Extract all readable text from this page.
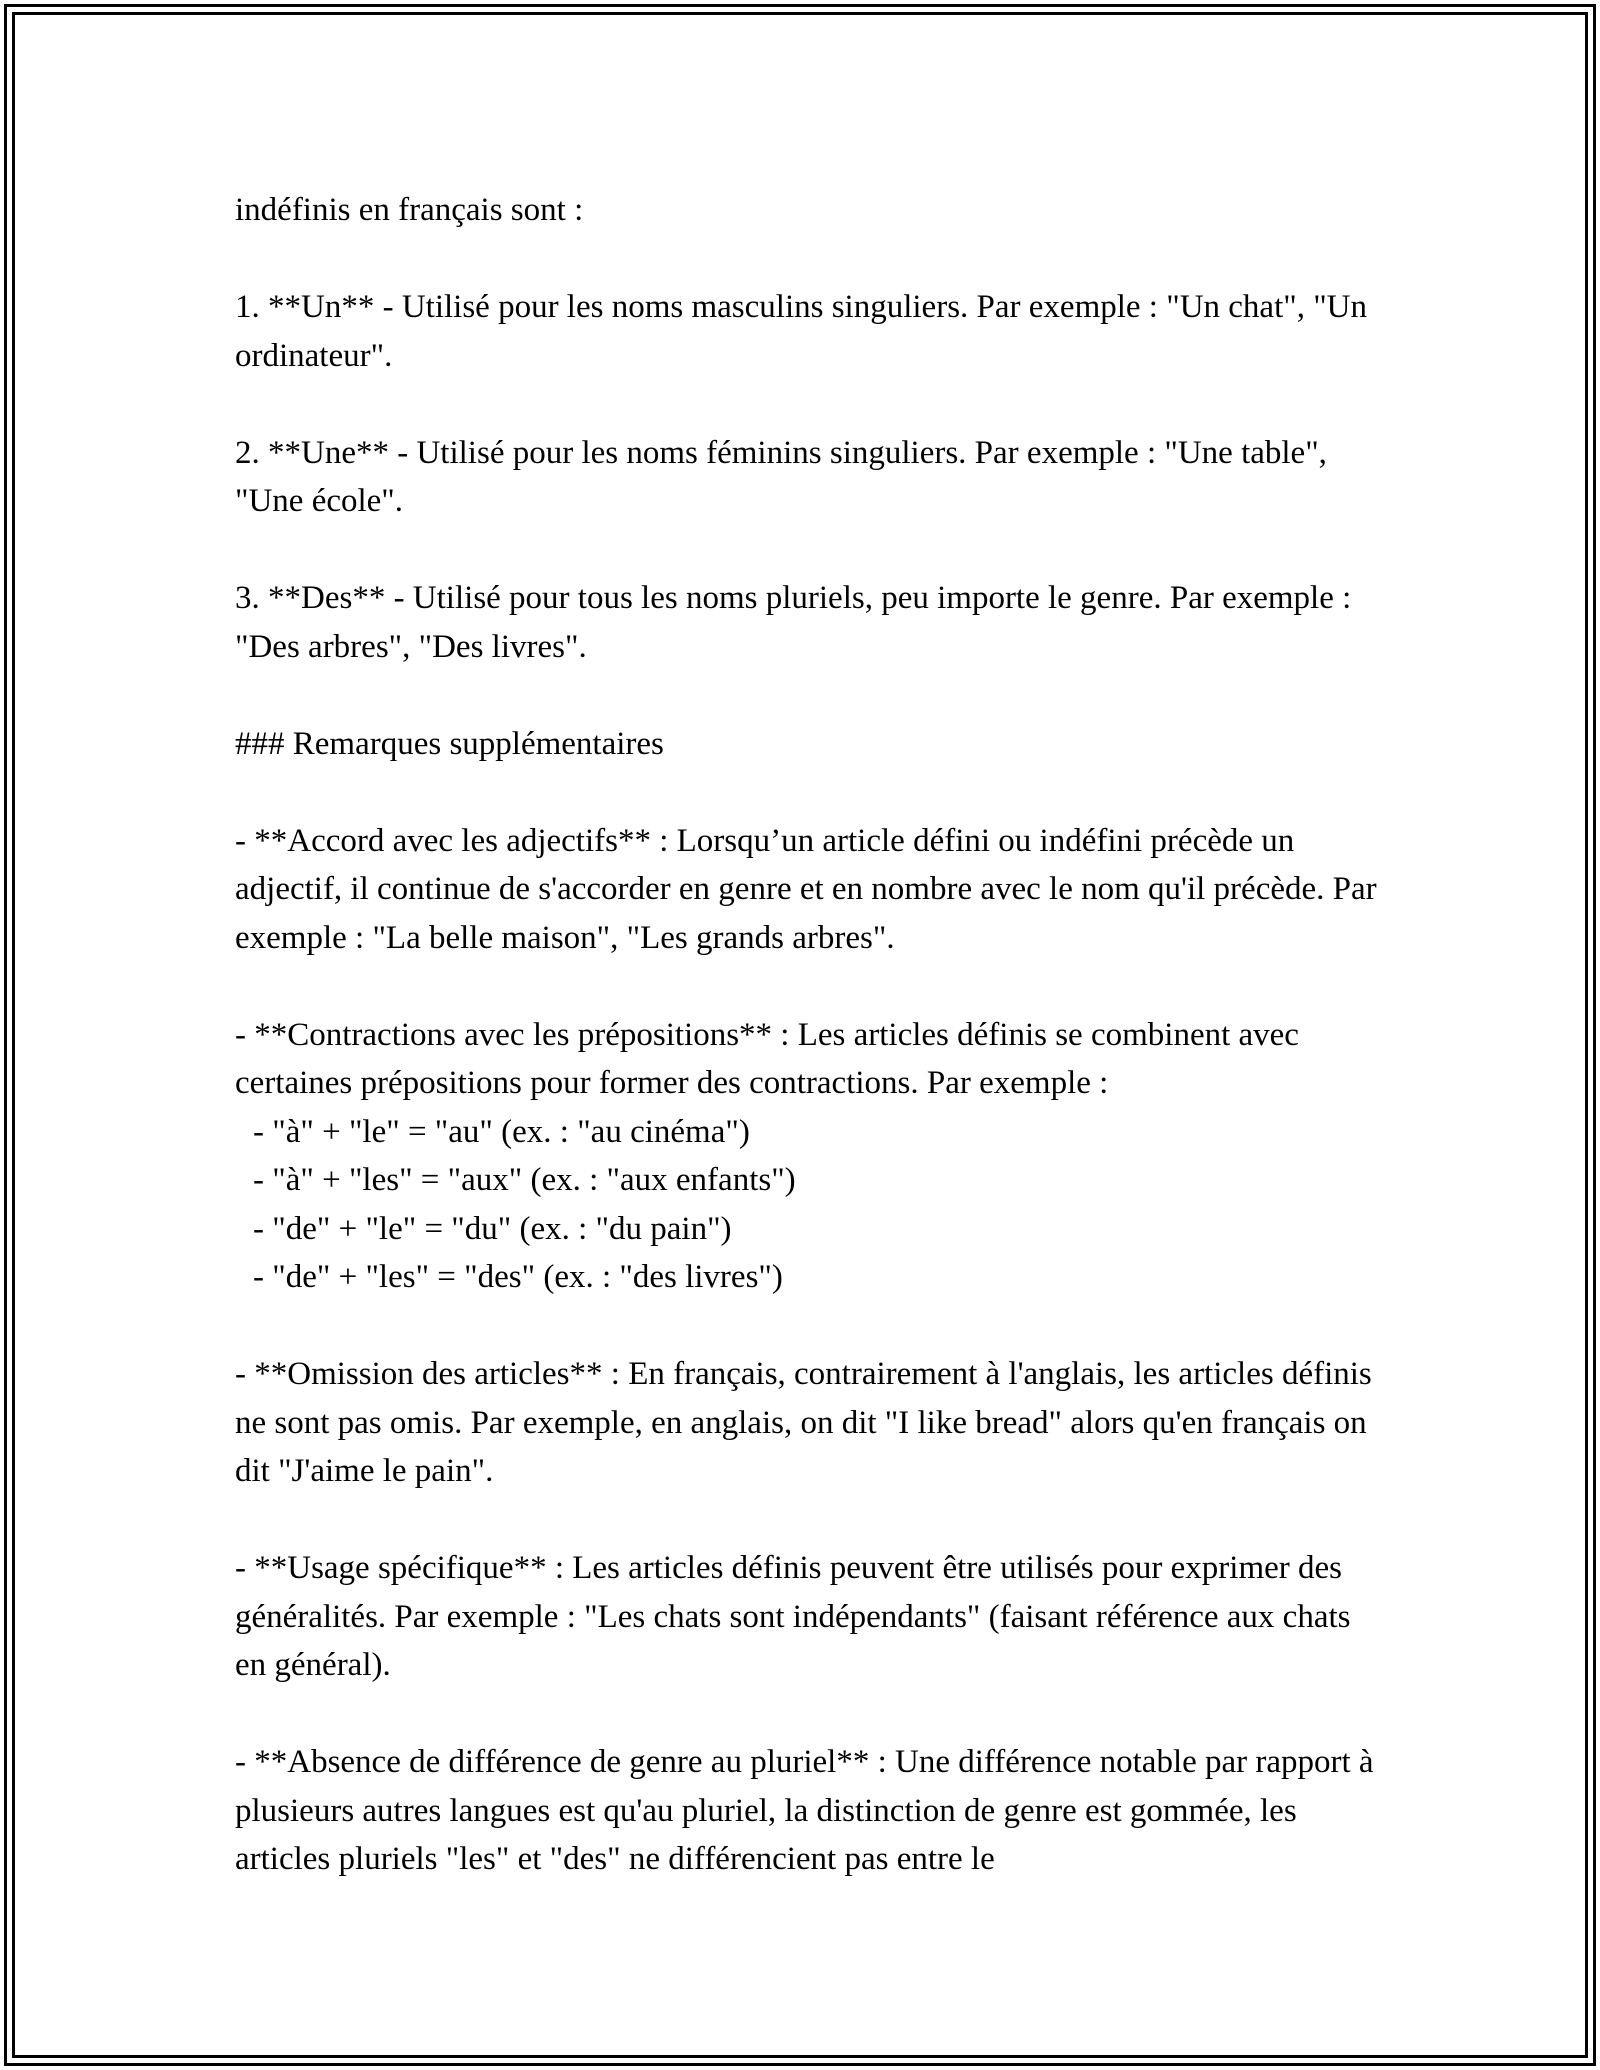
indéfinis en français sont :

1. **Un** - Utilisé pour les noms masculins singuliers. Par exemple : "Un chat", "Un ordinateur".

2. **Une** - Utilisé pour les noms féminins singuliers. Par exemple : "Une table", "Une école".

3. **Des** - Utilisé pour tous les noms pluriels, peu importe le genre. Par exemple : "Des arbres", "Des livres".

### Remarques supplémentaires

- **Accord avec les adjectifs** : Lorsqu’un article défini ou indéfini précède un adjectif, il continue de s'accorder en genre et en nombre avec le nom qu'il précède. Par exemple : "La belle maison", "Les grands arbres".

- **Contractions avec les prépositions** : Les articles définis se combinent avec certaines prépositions pour former des contractions. Par exemple :

- "à" + "le" = "au" (ex. : "au cinéma")

- "à" + "les" = "aux" (ex. : "aux enfants")

- "de" + "le" = "du" (ex. : "du pain")

- "de" + "les" = "des" (ex. : "des livres")

- **Omission des articles** : En français, contrairement à l'anglais, les articles définis ne sont pas omis. Par exemple, en anglais, on dit "I like bread" alors qu'en français on dit "J'aime le pain".

- **Usage spécifique** : Les articles définis peuvent être utilisés pour exprimer des généralités. Par exemple : "Les chats sont indépendants" (faisant référence aux chats en général).

- **Absence de différence de genre au pluriel** : Une différence notable par rapport à plusieurs autres langues est qu'au pluriel, la distinction de genre est gommée, les articles pluriels "les" et "des" ne différencient pas entre le
